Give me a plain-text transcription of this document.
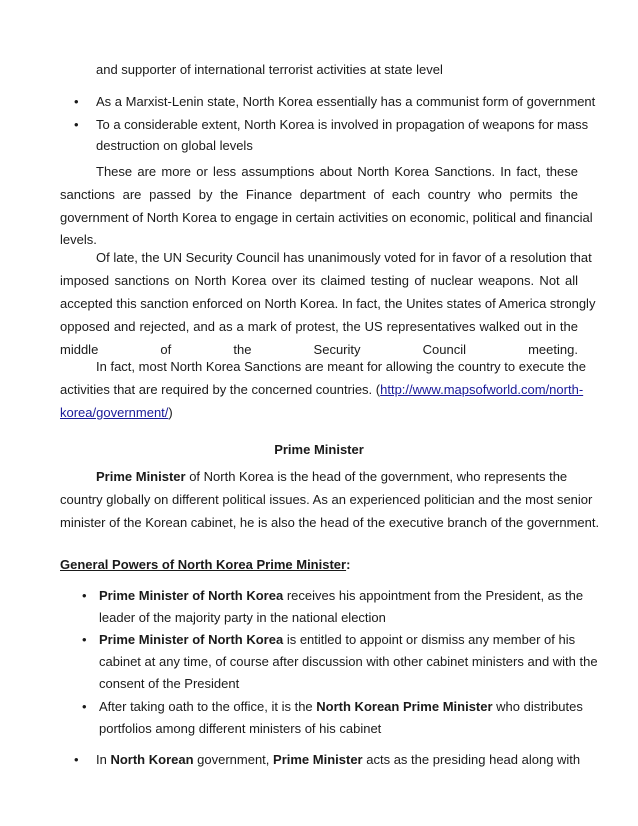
and supporter of international terrorist activities at state level
• As a Marxist-Lenin state, North Korea essentially has a communist form of government
• To a considerable extent, North Korea is involved in propagation of weapons for mass
destruction on global levels
These are more or less assumptions about North Korea Sanctions. In fact, these
sanctions are passed by the Finance department of each country who permits the
government of North Korea to engage in certain activities on economic, political and financial
levels.
Of late, the UN Security Council has unanimously voted for in favor of a resolution that
imposed sanctions on North Korea over its claimed testing of nuclear weapons. Not all
accepted this sanction enforced on North Korea. In fact, the Unites states of America strongly
opposed and rejected, and as a mark of protest, the US representatives walked out in the
middle	of	the	Security	Council	meeting.
In fact, most North Korea Sanctions are meant for allowing the country to execute the
activities that are required by the concerned countries. ( http://www.mapsofworld.com/north-
korea/government/)
Prime Minister
Prime Minister of North Korea is the head of the government, who represents the
country globally on different political issues. As an experienced politician and the most senior
minister of the Korean cabinet, he is also the head of the executive branch of the government.
General Powers of North Korea Prime Minister:
• Prime Minister of North Korea receives his appointment from the President, as the
leader of the majority party in the national election
• Prime Minister of North Korea is entitled to appoint or dismiss any member of his
cabinet at any time, of course after discussion with other cabinet ministers and with the
consent of the President
• After taking oath to the office, it is the North Korean Prime Minister who distributes
portfolios among different ministers of his cabinet
• In North Korean government, Prime Minister acts as the presiding head along with
